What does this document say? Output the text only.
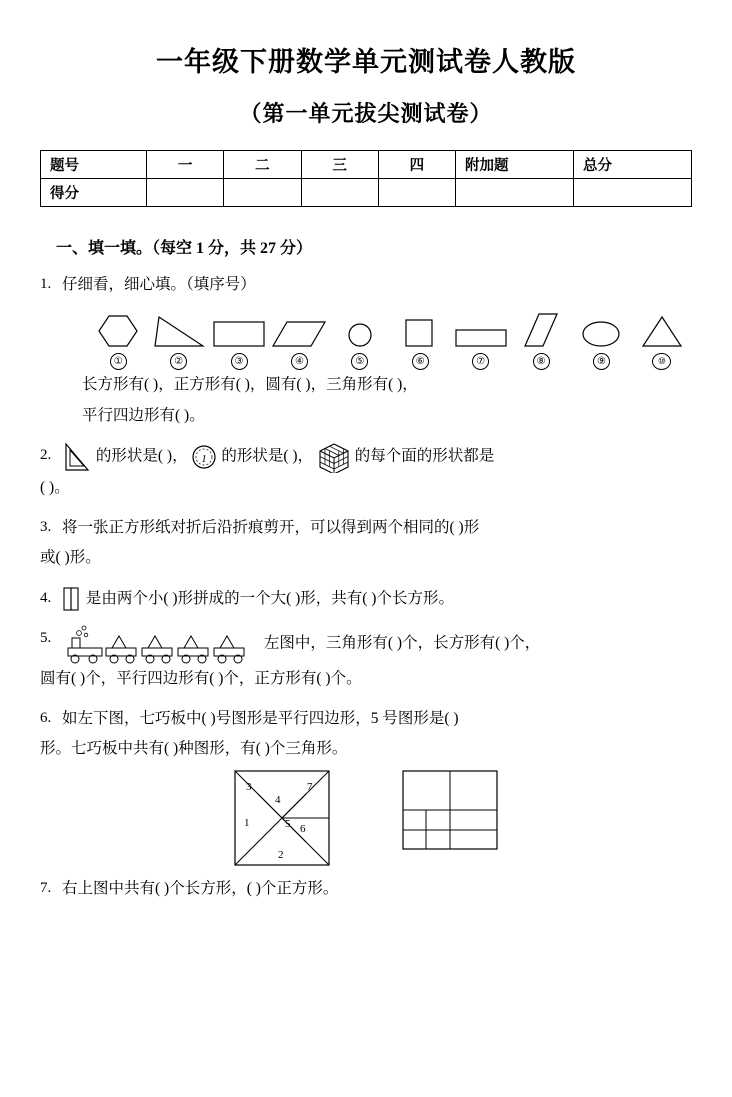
一年级下册数学单元测试卷人教版
（第一单元拔尖测试卷）
题号	一	二	三	四	附加题	总分
得分						
一、填一填。（每空 1 分，共 27 分）
1. 仔细看，细心填。（填序号）
①	②	③	④	⑤	⑥	⑦	⑧	⑨	⑩
长方形有( )，正方形有( )，圆有( )，三角形有( )，
平行四边形有( )。
2.	的形状是( )， 1 的形状是( )，	的每个面的形状都是
( )。
3. 将一张正方形纸对折后沿折痕剪开，可以得到两个相同的( )形
或( )形。
4.	是由两个小( )形拼成的一个大( )形，共有( )个长方形。
5.	左图中，三角形有( )个，长方形有( )个，
圆有( )个，平行四边形有( )个，正方形有( )个。
6. 如左下图，七巧板中( )号图形是平行四边形，5 号图形是( )
形。七巧板中共有( )种图形，有( )个三角形。
3
4
7
1	5 6
2
7. 右上图中共有( )个长方形，( )个正方形。
